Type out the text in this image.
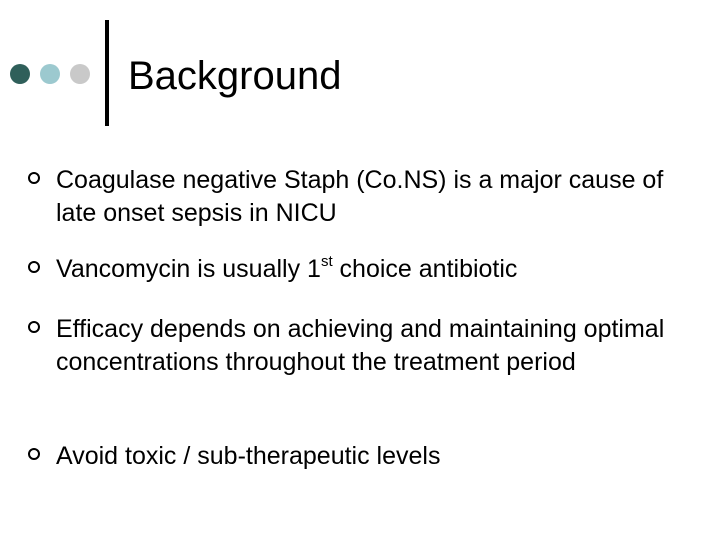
Background
Coagulase negative Staph (Co.NS) is a major cause of late onset sepsis in NICU
Vancomycin is usually 1st choice antibiotic
Efficacy depends on achieving and maintaining optimal concentrations throughout the treatment period
Avoid toxic / sub-therapeutic levels
